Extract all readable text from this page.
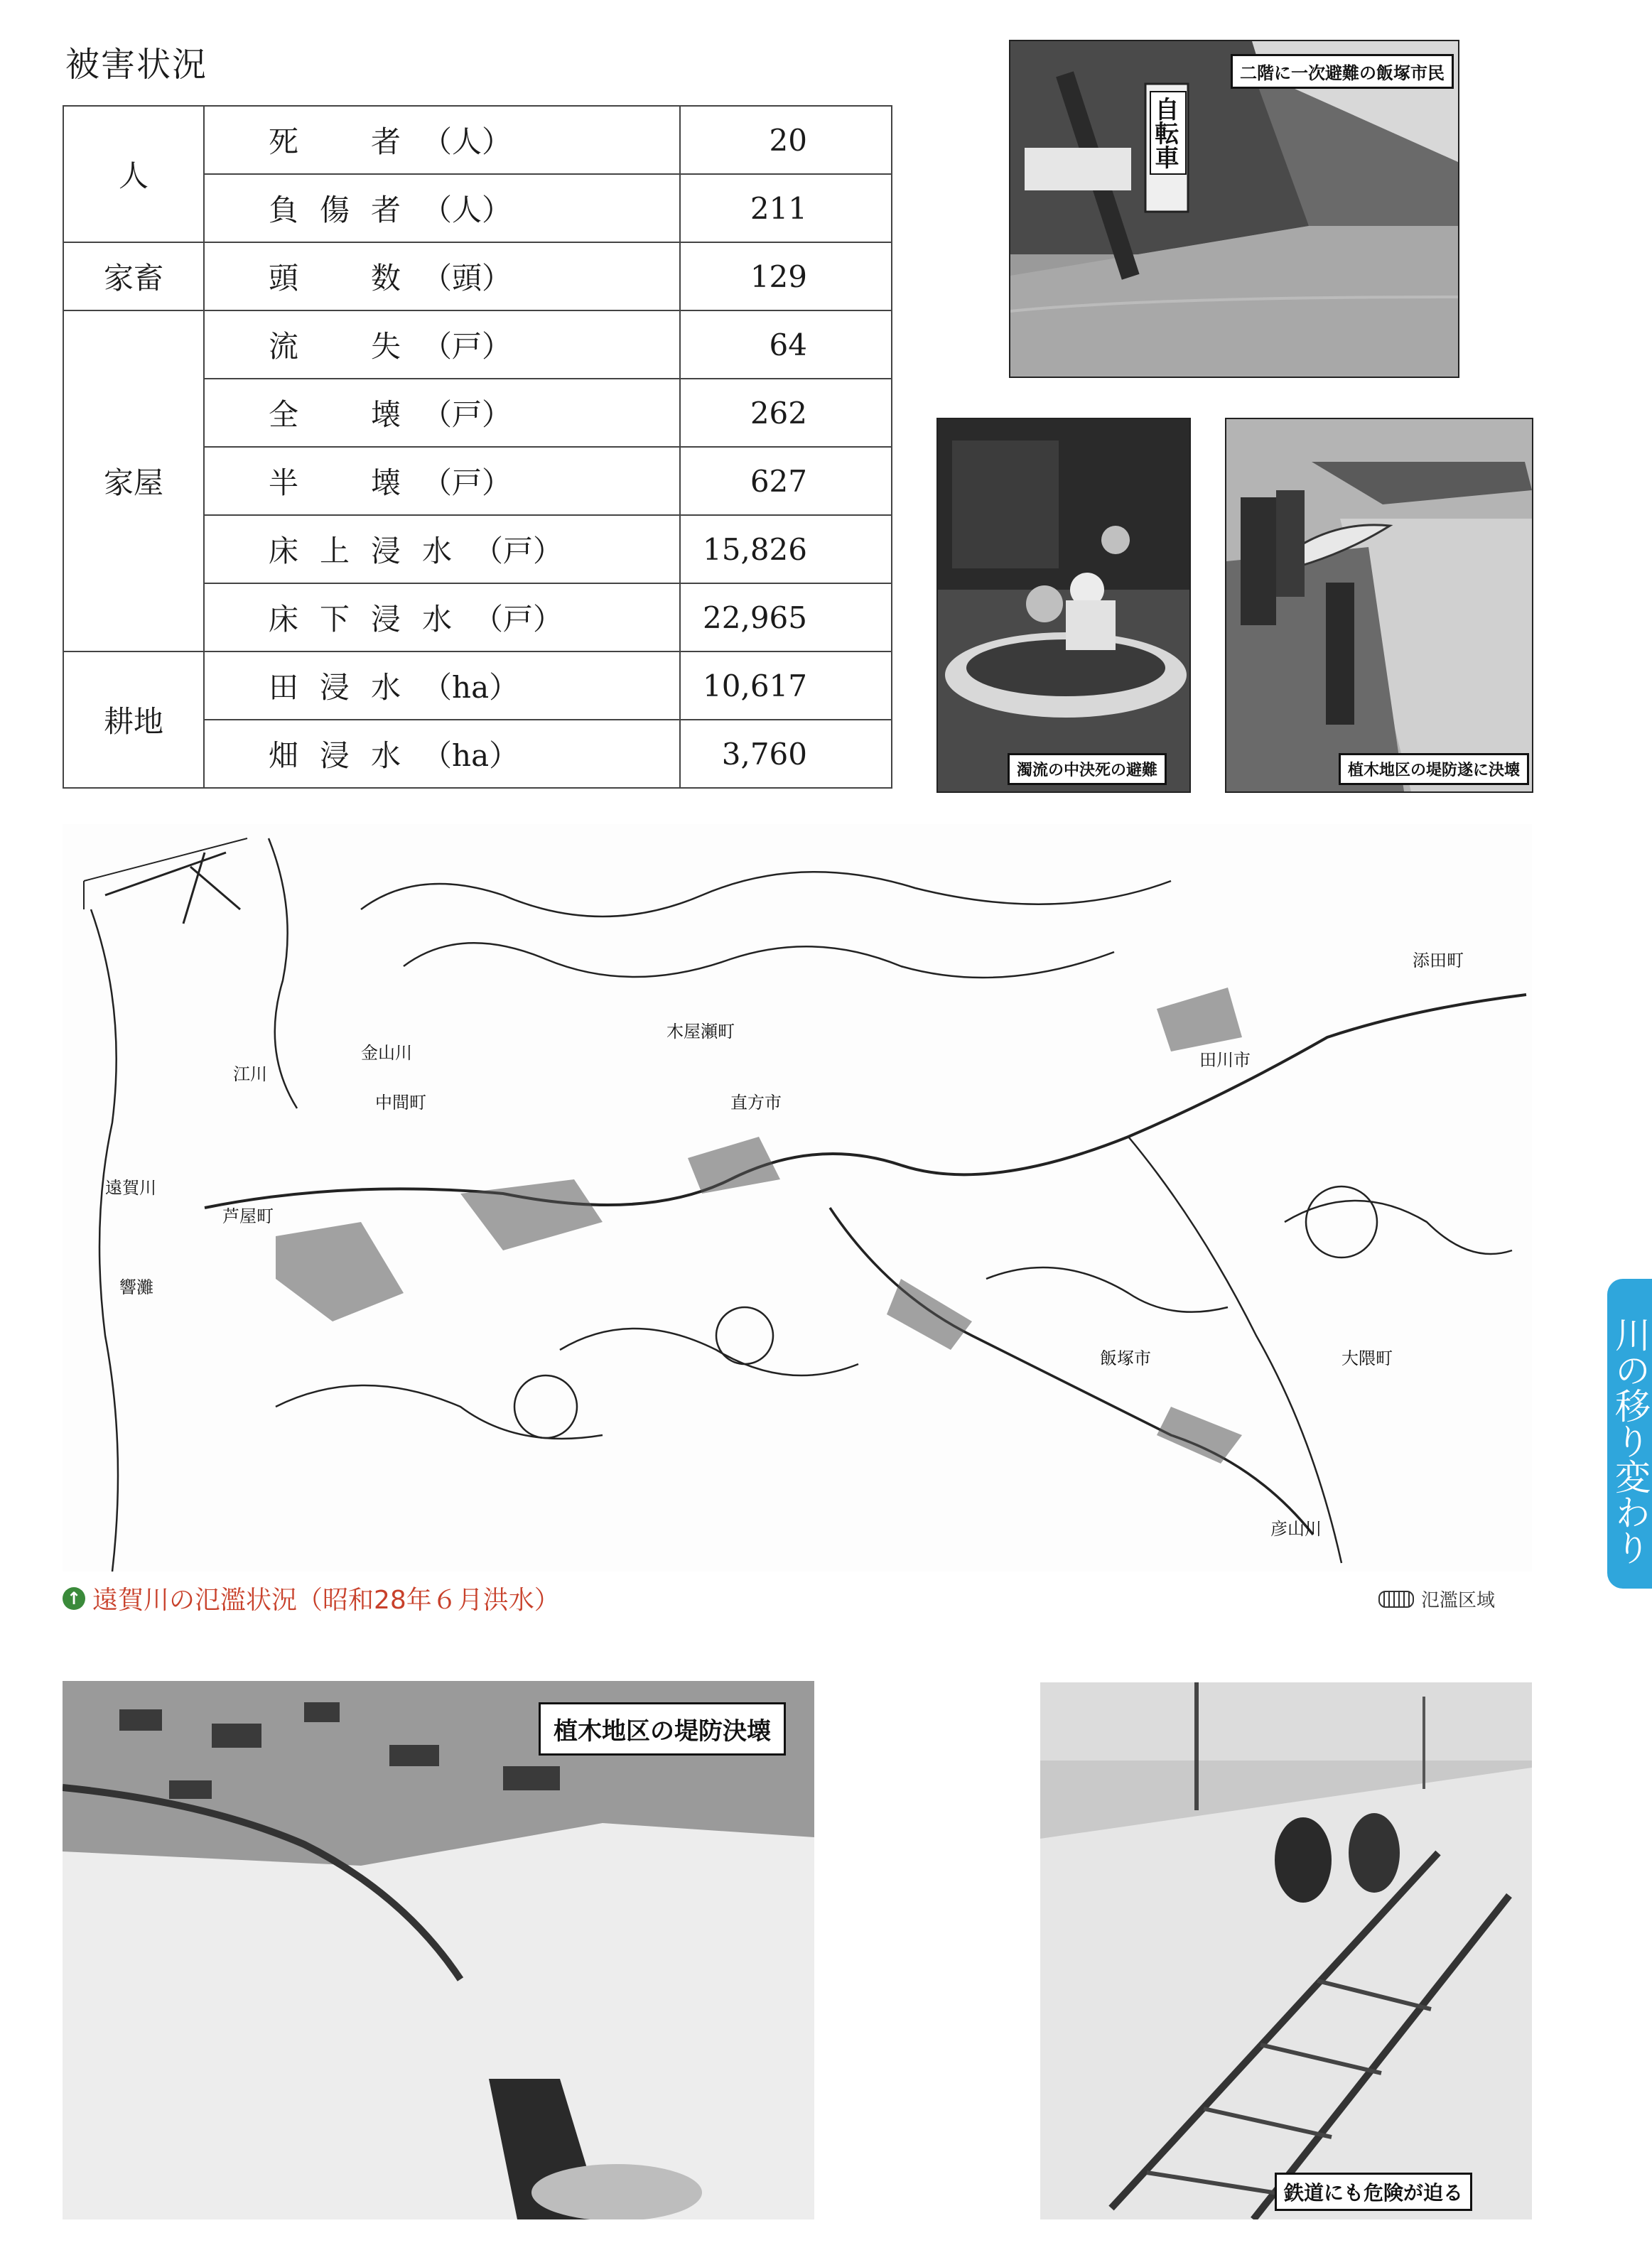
被害状況
人	死　者（人）	20
	負傷者（人）	211
家畜	頭　数（頭）	129
家屋	流　失（戸）	64
	全　壊（戸）	262
	半　壊（戸）	627
	床上浸水（戸）	15,826
	床下浸水（戸）	22,965
耕地	田浸水（ha）	10,617
	畑浸水（ha）	3,760
二階に一次避難の飯塚市民
自転車
濁流の中決死の避難	植木地区の堤防遂に決壊
遠賀川
芦屋町
中間町
木屋瀬町
直方市
田川市
飯塚市	大隈町
添田町
響灘
江川
金山川
彦山川
↑ 遠賀川の氾濫状況（昭和28年６月洪水）	氾濫区域
川の移り変わり
植木地区の堤防決壊
鉄道にも危険が迫る
